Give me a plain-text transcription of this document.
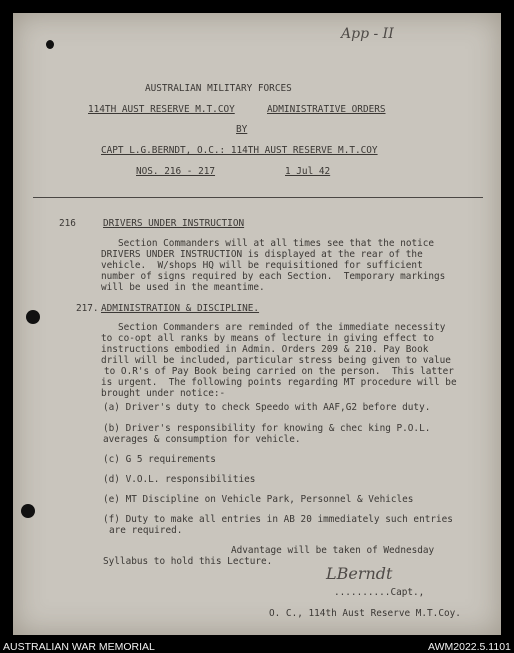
App - II
AUSTRALIAN MILITARY FORCES
114TH AUST RESERVE M.T.COY	ADMINISTRATIVE ORDERS
BY
CAPT L.G.BERNDT, O.C.: 114TH AUST RESERVE M.T.COY
NOS. 216 - 217	1 Jul 42
216	DRIVERS UNDER INSTRUCTION
Section Commanders will at all times see that the notice
DRIVERS UNDER INSTRUCTION is displayed at the rear of the
vehicle.  W/shops HQ will be requisitioned for sufficient
number of signs required by each Section.  Temporary markings
will be used in the meantime.
217. ADMINISTRATION & DISCIPLINE.
Section Commanders are reminded of the immediate necessity
to co-opt all ranks by means of lecture in giving effect to
instructions embodied in Admin. Orders 209 & 210. Pay Book
drill will be included, particular stress being given to value
to O.R's of Pay Book being carried on the person.  This latter
is urgent.  The following points regarding MT procedure will be
brought under notice:-
(a) Driver's duty to check Speedo with AAF,G2 before duty.
(b) Driver's responsibility for knowing & chec king P.O.L.
averages & consumption for vehicle.
(c) G 5 requirements
(d) V.O.L. responsibilities
(e) MT Discipline on Vehicle Park, Personnel & Vehicles
(f) Duty to make all entries in AB 20 immediately such entries
are required.
Advantage will be taken of Wednesday
Syllabus to hold this Lecture.
LBerndt
..........Capt.,
O. C., 114th Aust Reserve M.T.Coy.
AUSTRALIAN WAR MEMORIAL	AWM2022.5.1101
